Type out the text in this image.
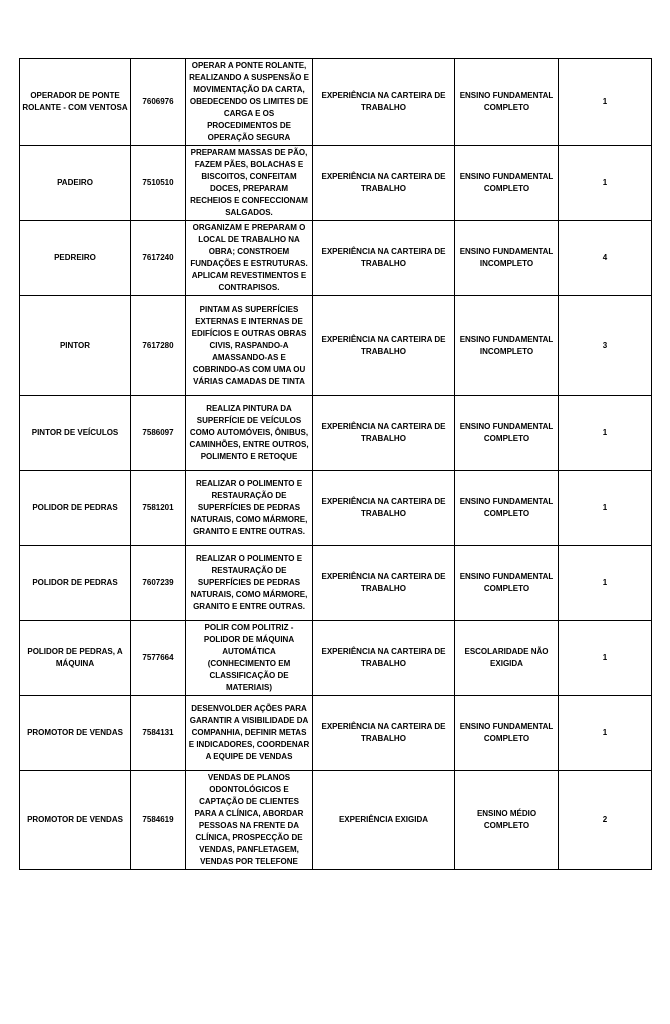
OPERADOR DE PONTE ROLANTE - COM VENTOSA	7606976	OPERAR A PONTE ROLANTE, REALIZANDO A SUSPENSÃO E MOVIMENTAÇÃO DA CARTA, OBEDECENDO OS LIMITES DE CARGA E OS PROCEDIMENTOS DE OPERAÇÃO SEGURA	EXPERIÊNCIA NA CARTEIRA DE TRABALHO	ENSINO FUNDAMENTAL COMPLETO	1
PADEIRO	7510510	PREPARAM MASSAS DE PÃO, FAZEM PÃES, BOLACHAS E BISCOITOS, CONFEITAM DOCES, PREPARAM RECHEIOS E CONFECCIONAM SALGADOS.	EXPERIÊNCIA NA CARTEIRA DE TRABALHO	ENSINO FUNDAMENTAL COMPLETO	1
PEDREIRO	7617240	ORGANIZAM E PREPARAM O LOCAL DE TRABALHO NA OBRA; CONSTROEM FUNDAÇÕES E ESTRUTURAS. APLICAM REVESTIMENTOS E CONTRAPISOS.	EXPERIÊNCIA NA CARTEIRA DE TRABALHO	ENSINO FUNDAMENTAL INCOMPLETO	4
PINTOR	7617280	PINTAM AS SUPERFÍCIES EXTERNAS E INTERNAS DE EDIFÍCIOS E OUTRAS OBRAS CIVIS, RASPANDO-A AMASSANDO-AS E COBRINDO-AS COM UMA OU VÁRIAS CAMADAS DE TINTA	EXPERIÊNCIA NA CARTEIRA DE TRABALHO	ENSINO FUNDAMENTAL INCOMPLETO	3
PINTOR DE VEÍCULOS	7586097	REALIZA PINTURA DA SUPERFÍCIE DE VEÍCULOS COMO AUTOMÓVEIS, ÔNIBUS, CAMINHÕES, ENTRE OUTROS, POLIMENTO E RETOQUE	EXPERIÊNCIA NA CARTEIRA DE TRABALHO	ENSINO FUNDAMENTAL COMPLETO	1
POLIDOR DE PEDRAS	7581201	REALIZAR O POLIMENTO E RESTAURAÇÃO DE SUPERFÍCIES DE PEDRAS NATURAIS, COMO MÁRMORE, GRANITO E ENTRE OUTRAS.	EXPERIÊNCIA NA CARTEIRA DE TRABALHO	ENSINO FUNDAMENTAL COMPLETO	1
POLIDOR DE PEDRAS	7607239	REALIZAR O POLIMENTO E RESTAURAÇÃO DE SUPERFÍCIES DE PEDRAS NATURAIS, COMO MÁRMORE, GRANITO E ENTRE OUTRAS.	EXPERIÊNCIA NA CARTEIRA DE TRABALHO	ENSINO FUNDAMENTAL COMPLETO	1
POLIDOR DE PEDRAS, A MÁQUINA	7577664	POLIR COM POLITRIZ - POLIDOR DE MÁQUINA AUTOMÁTICA (CONHECIMENTO EM CLASSIFICAÇÃO DE MATERIAIS)	EXPERIÊNCIA NA CARTEIRA DE TRABALHO	ESCOLARIDADE NÃO EXIGIDA	1
PROMOTOR DE VENDAS	7584131	DESENVOLDER AÇÕES PARA GARANTIR A VISIBILIDADE DA COMPANHIA, DEFINIR METAS E INDICADORES, COORDENAR A EQUIPE DE VENDAS	EXPERIÊNCIA NA CARTEIRA DE TRABALHO	ENSINO FUNDAMENTAL COMPLETO	1
PROMOTOR DE VENDAS	7584619	VENDAS DE PLANOS ODONTOLÓGICOS E CAPTAÇÃO DE CLIENTES PARA A CLÍNICA, ABORDAR PESSOAS NA FRENTE DA CLÍNICA, PROSPECÇÃO DE VENDAS, PANFLETAGEM, VENDAS POR TELEFONE	EXPERIÊNCIA EXIGIDA	ENSINO MÉDIO COMPLETO	2
